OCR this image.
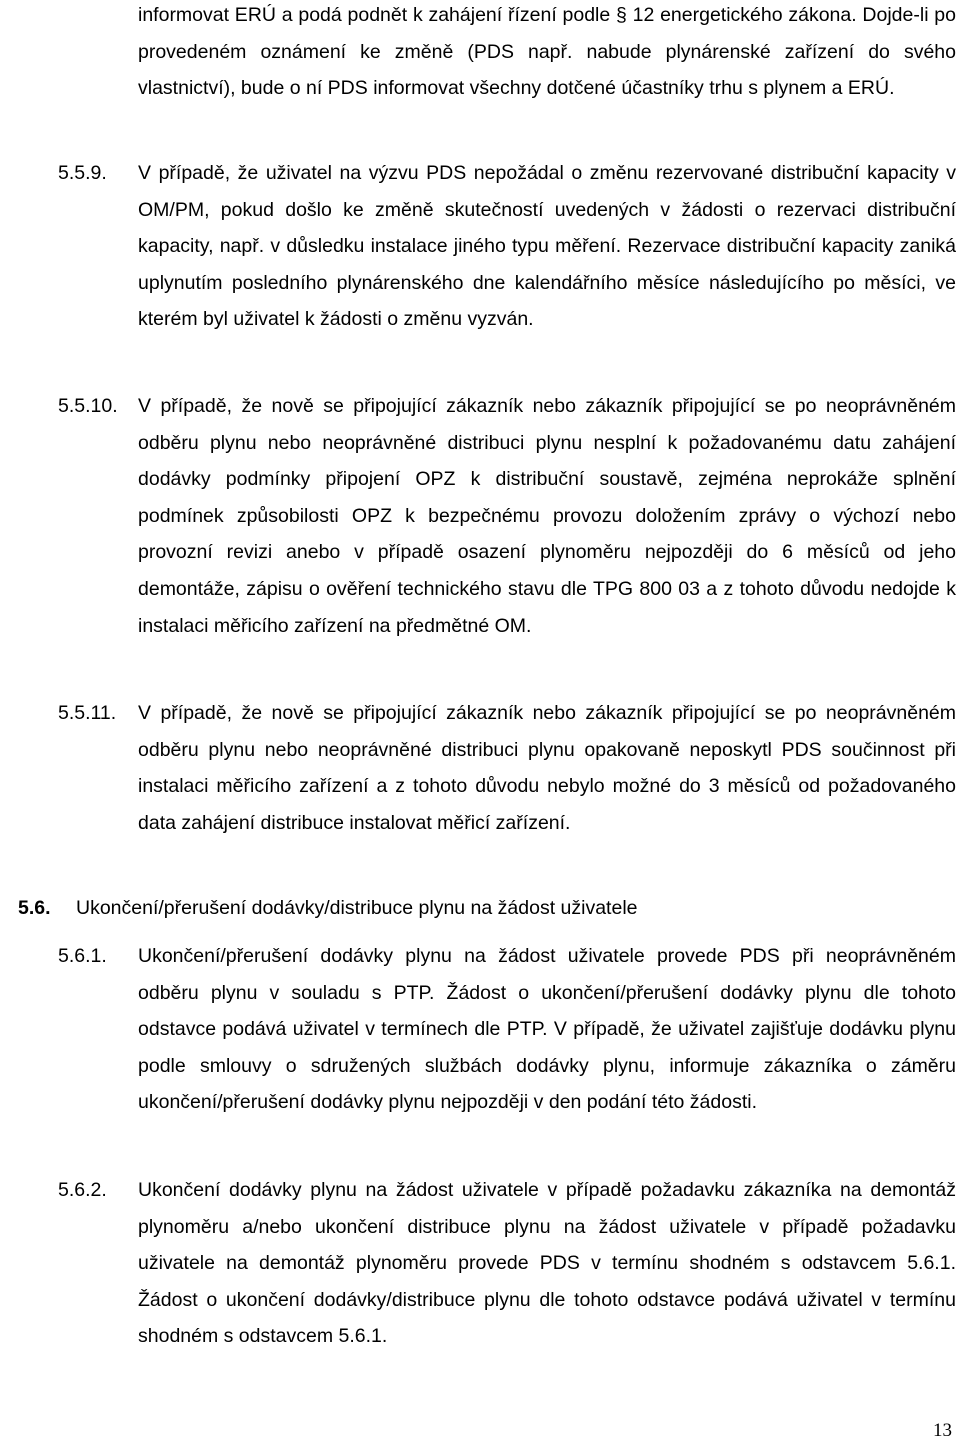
informovat ERÚ a podá podnět k zahájení řízení podle § 12 energetického zákona. Dojde-li po provedeném oznámení ke změně (PDS např. nabude plynárenské zařízení do svého vlastnictví), bude o ní PDS informovat všechny dotčené účastníky trhu s plynem a ERÚ.

5.5.9. V případě, že uživatel na výzvu PDS nepožádal o změnu rezervované distribuční kapacity v OM/PM, pokud došlo ke změně skutečností uvedených v žádosti o rezervaci distribuční kapacity, např. v důsledku instalace jiného typu měření. Rezervace distribuční kapacity zaniká uplynutím posledního plynárenského dne kalendářního měsíce následujícího po měsíci, ve kterém byl uživatel k žádosti o změnu vyzván.

5.5.10. V případě, že nově se připojující zákazník nebo zákazník připojující se po neoprávněném odběru plynu nebo neoprávněné distribuci plynu nesplní k požadovanému datu zahájení dodávky podmínky připojení OPZ k distribuční soustavě, zejména neprokáže splnění podmínek způsobilosti OPZ k bezpečnému provozu doložením zprávy o výchozí nebo provozní revizi anebo v případě osazení plynoměru nejpozději do 6 měsíců od jeho demontáže, zápisu o ověření technického stavu dle TPG 800 03 a z tohoto důvodu nedojde k instalaci měřicího zařízení na předmětné OM.

5.5.11. V případě, že nově se připojující zákazník nebo zákazník připojující se po neoprávněném odběru plynu nebo neoprávněné distribuci plynu opakovaně neposkytl PDS součinnost při instalaci měřicího zařízení a z tohoto důvodu nebylo možné do 3 měsíců od požadovaného data zahájení distribuce instalovat měřicí zařízení.

5.6. Ukončení/přerušení dodávky/distribuce plynu na žádost uživatele

5.6.1. Ukončení/přerušení dodávky plynu na žádost uživatele provede PDS při neoprávněném odběru plynu v souladu s PTP. Žádost o ukončení/přerušení dodávky plynu dle tohoto odstavce podává uživatel v termínech dle PTP. V případě, že uživatel zajišťuje dodávku plynu podle smlouvy o sdružených službách dodávky plynu, informuje zákazníka o záměru ukončení/přerušení dodávky plynu nejpozději v den podání této žádosti.

5.6.2. Ukončení dodávky plynu na žádost uživatele v případě požadavku zákazníka na demontáž plynoměru a/nebo ukončení distribuce plynu na žádost uživatele v případě požadavku uživatele na demontáž plynoměru provede PDS v termínu shodném s odstavcem 5.6.1. Žádost o ukončení dodávky/distribuce plynu dle tohoto odstavce podává uživatel v termínu shodném s odstavcem 5.6.1.

13
